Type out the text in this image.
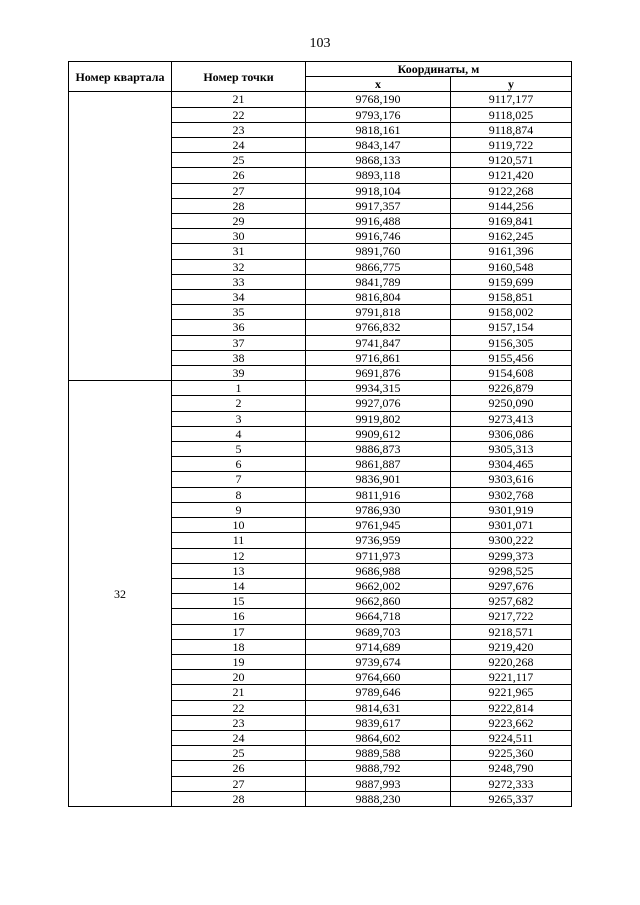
103
Номер квартала	Номер точки	Координаты, м	
		x	y
	21	9768,190	9117,177
	22	9793,176	9118,025
	23	9818,161	9118,874
	24	9843,147	9119,722
	25	9868,133	9120,571
	26	9893,118	9121,420
	27	9918,104	9122,268
	28	9917,357	9144,256
	29	9916,488	9169,841
	30	9916,746	9162,245
	31	9891,760	9161,396
	32	9866,775	9160,548
	33	9841,789	9159,699
	34	9816,804	9158,851
	35	9791,818	9158,002
	36	9766,832	9157,154
	37	9741,847	9156,305
	38	9716,861	9155,456
	39	9691,876	9154,608
32	1	9934,315	9226,879
	2	9927,076	9250,090
	3	9919,802	9273,413
	4	9909,612	9306,086
	5	9886,873	9305,313
	6	9861,887	9304,465
	7	9836,901	9303,616
	8	9811,916	9302,768
	9	9786,930	9301,919
	10	9761,945	9301,071
	11	9736,959	9300,222
	12	9711,973	9299,373
	13	9686,988	9298,525
	14	9662,002	9297,676
	15	9662,860	9257,682
	16	9664,718	9217,722
	17	9689,703	9218,571
	18	9714,689	9219,420
	19	9739,674	9220,268
	20	9764,660	9221,117
	21	9789,646	9221,965
	22	9814,631	9222,814
	23	9839,617	9223,662
	24	9864,602	9224,511
	25	9889,588	9225,360
	26	9888,792	9248,790
	27	9887,993	9272,333
	28	9888,230	9265,337
